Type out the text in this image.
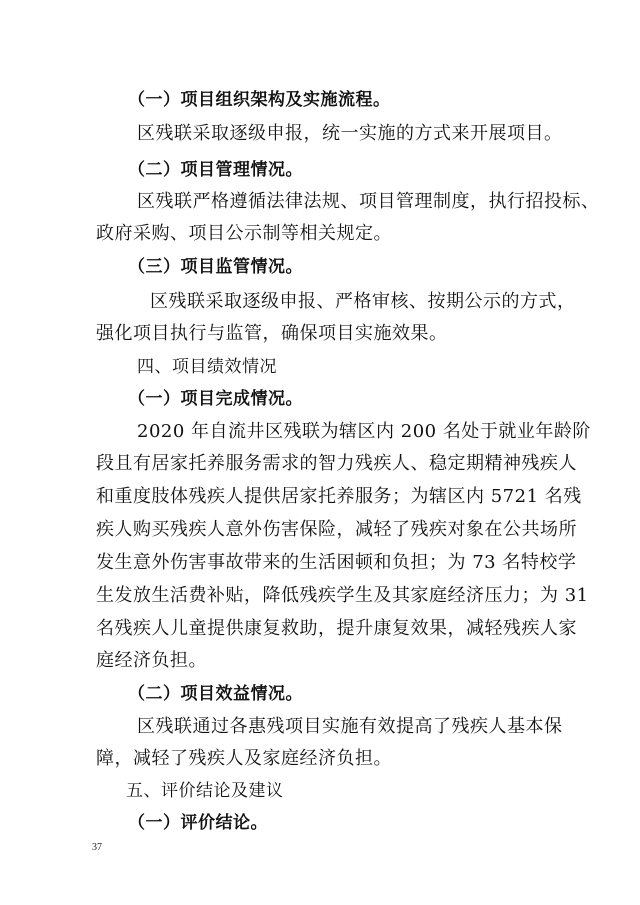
（一）项目组织架构及实施流程。
区残联采取逐级申报，统一实施的方式来开展项目。
（二）项目管理情况。
区残联严格遵循法律法规、项目管理制度，执行招投标、
政府采购、项目公示制等相关规定。
（三）项目监管情况。
区残联采取逐级申报、严格审核、按期公示的方式，
强化项目执行与监管，确保项目实施效果。
四、项目绩效情况
（一）项目完成情况。
2020 年自流井区残联为辖区内 200 名处于就业年龄阶
段且有居家托养服务需求的智力残疾人、稳定期精神残疾人
和重度肢体残疾人提供居家托养服务；为辖区内 5721 名残
疾人购买残疾人意外伤害保险，减轻了残疾对象在公共场所
发生意外伤害事故带来的生活困顿和负担；为 73 名特校学
生发放生活费补贴，降低残疾学生及其家庭经济压力；为 31
名残疾人儿童提供康复救助，提升康复效果，减轻残疾人家
庭经济负担。
（二）项目效益情况。
区残联通过各惠残项目实施有效提高了残疾人基本保
障，减轻了残疾人及家庭经济负担。
五、评价结论及建议
（一）评价结论。
37
